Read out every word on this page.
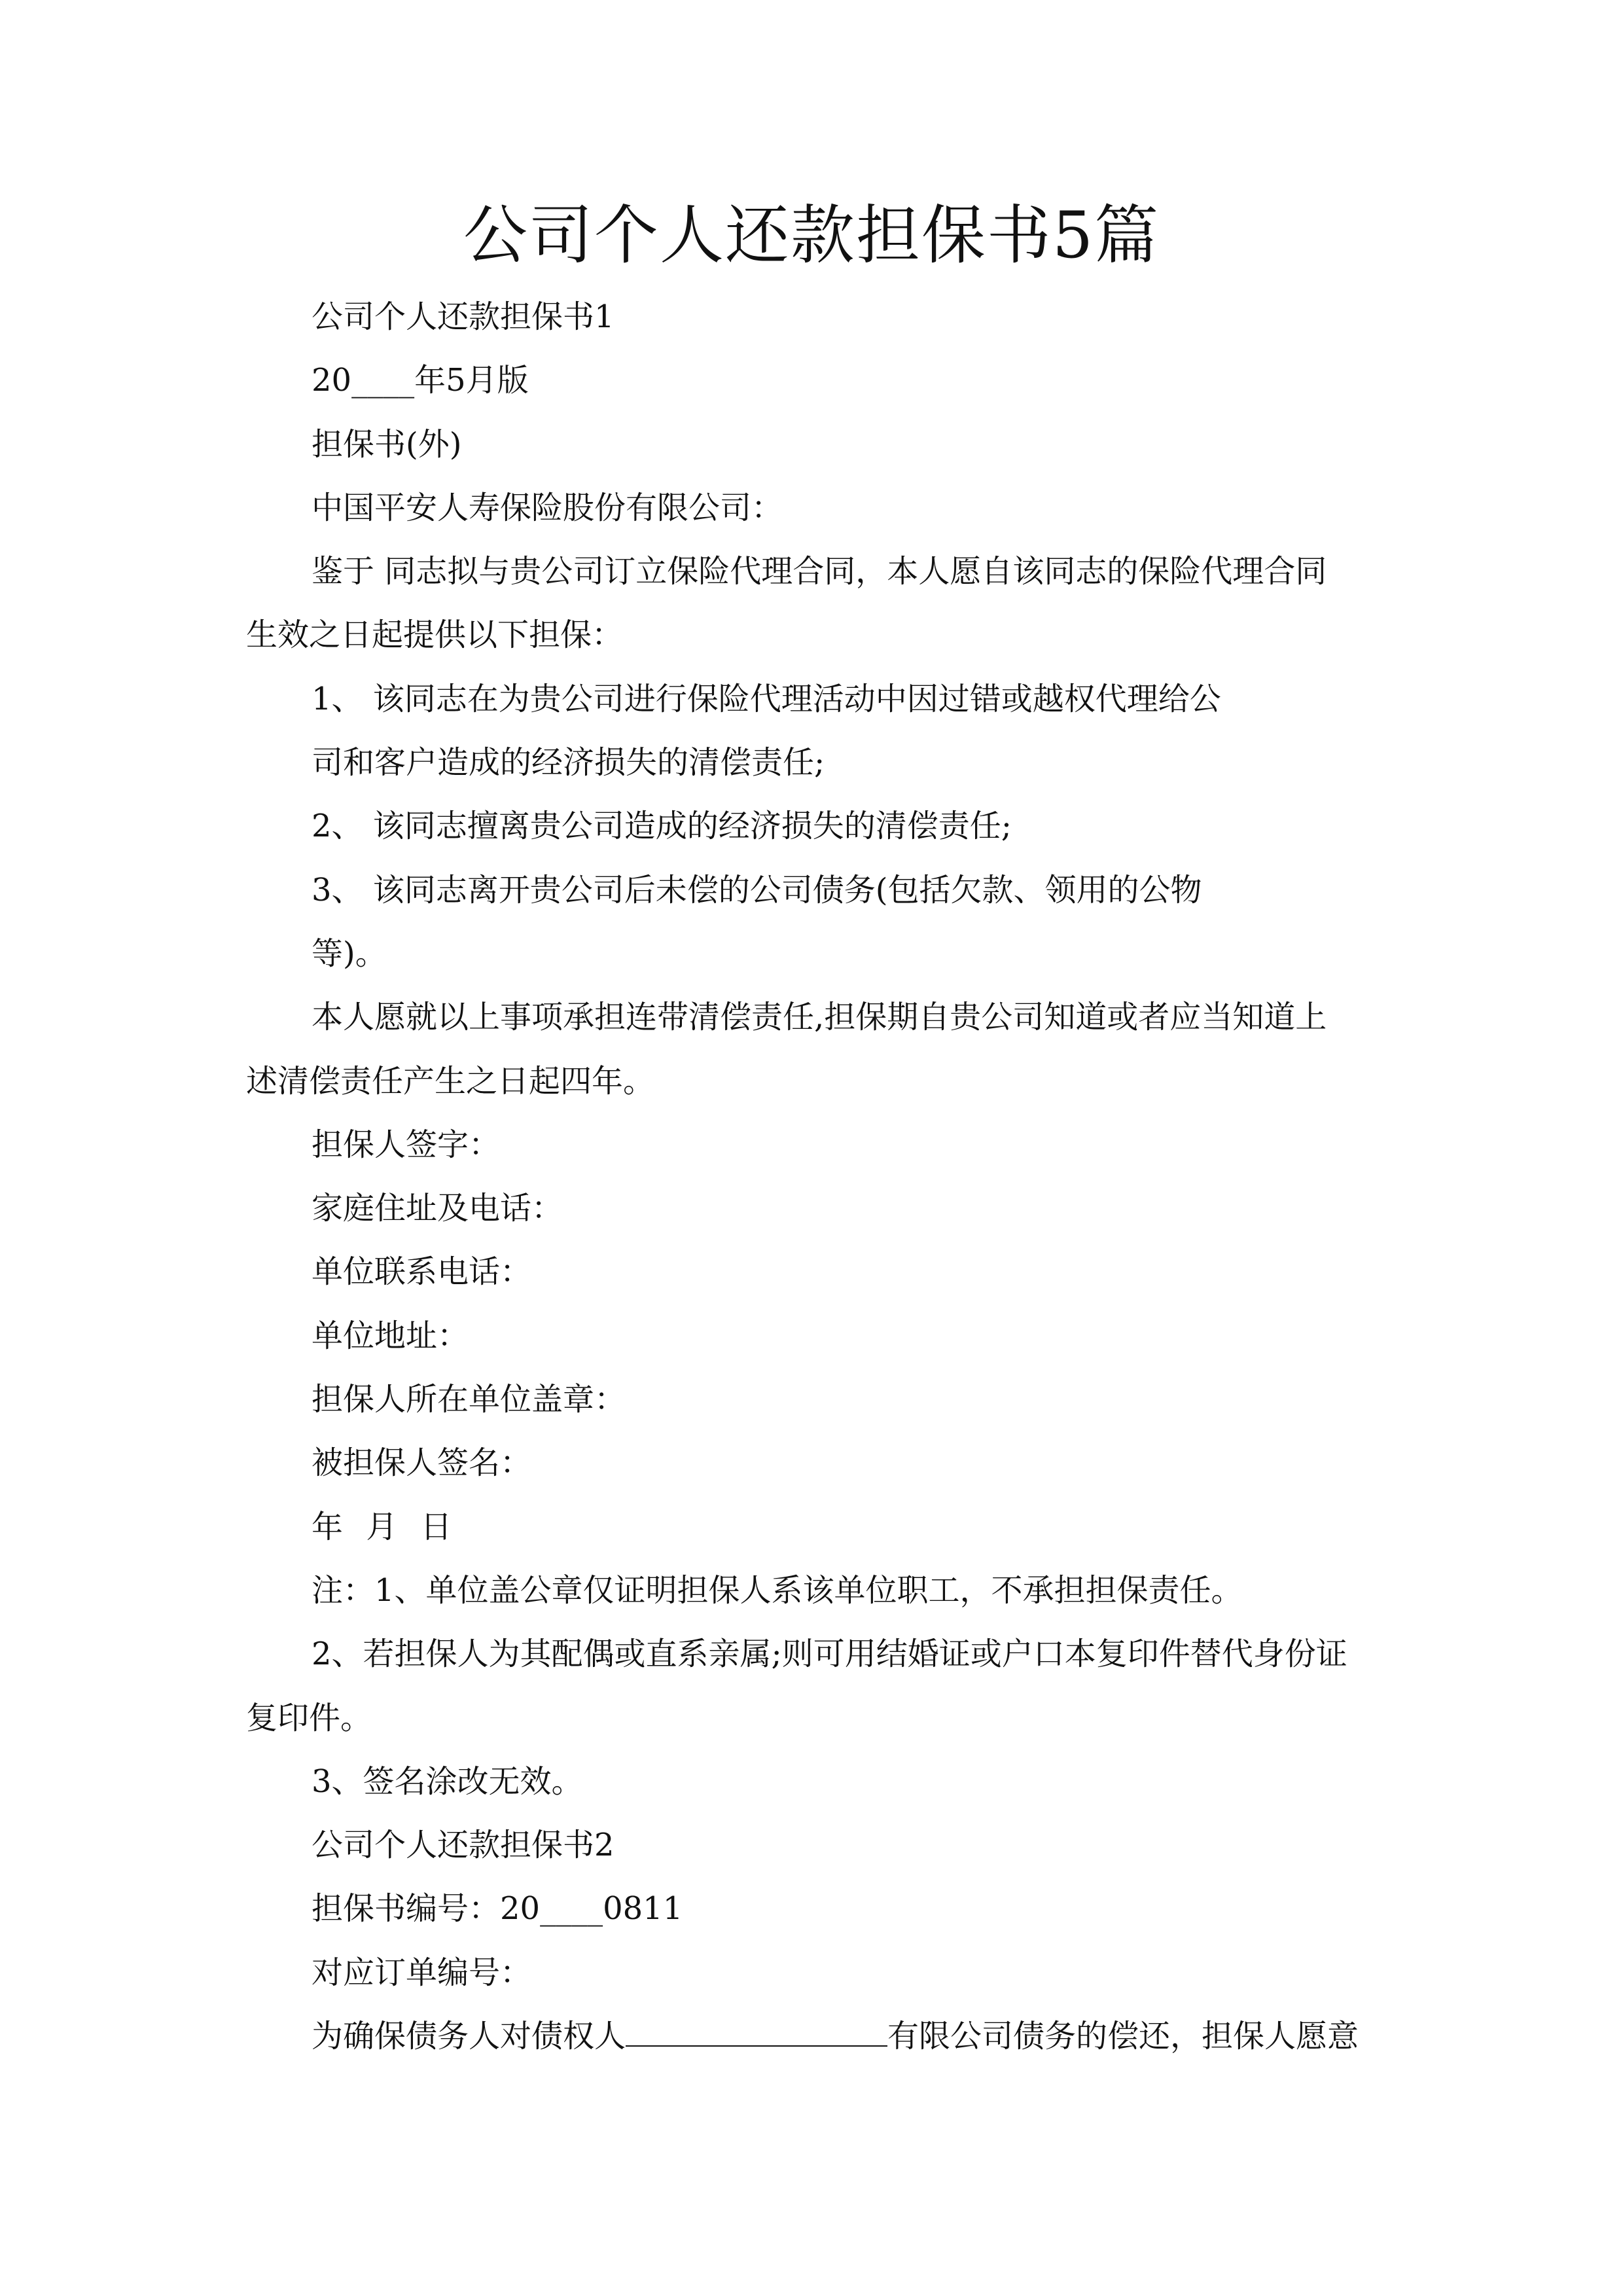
公司个人还款担保书5篇
公司个人还款担保书1
20____年5月版
担保书(外)
中国平安人寿保险股份有限公司：
鉴于 同志拟与贵公司订立保险代理合同，本人愿自该同志的保险代理合同
生效之日起提供以下担保：
1、 该同志在为贵公司进行保险代理活动中因过错或越权代理给公
司和客户造成的经济损失的清偿责任;
2、 该同志擅离贵公司造成的经济损失的清偿责任;
3、 该同志离开贵公司后未偿的公司债务(包括欠款、领用的公物
等)。
本人愿就以上事项承担连带清偿责任,担保期自贵公司知道或者应当知道上
述清偿责任产生之日起四年。
担保人签字：
家庭住址及电话：
单位联系电话：
单位地址：
担保人所在单位盖章：
被担保人签名：
年 月 日
注：1、单位盖公章仅证明担保人系该单位职工，不承担担保责任。
2、若担保人为其配偶或直系亲属;则可用结婚证或户口本复印件替代身份证
复印件。
3、签名涂改无效。
公司个人还款担保书2
担保书编号：20____0811
对应订单编号：
为确保债务人对债权人	有限公司债务的偿还，担保人愿意
